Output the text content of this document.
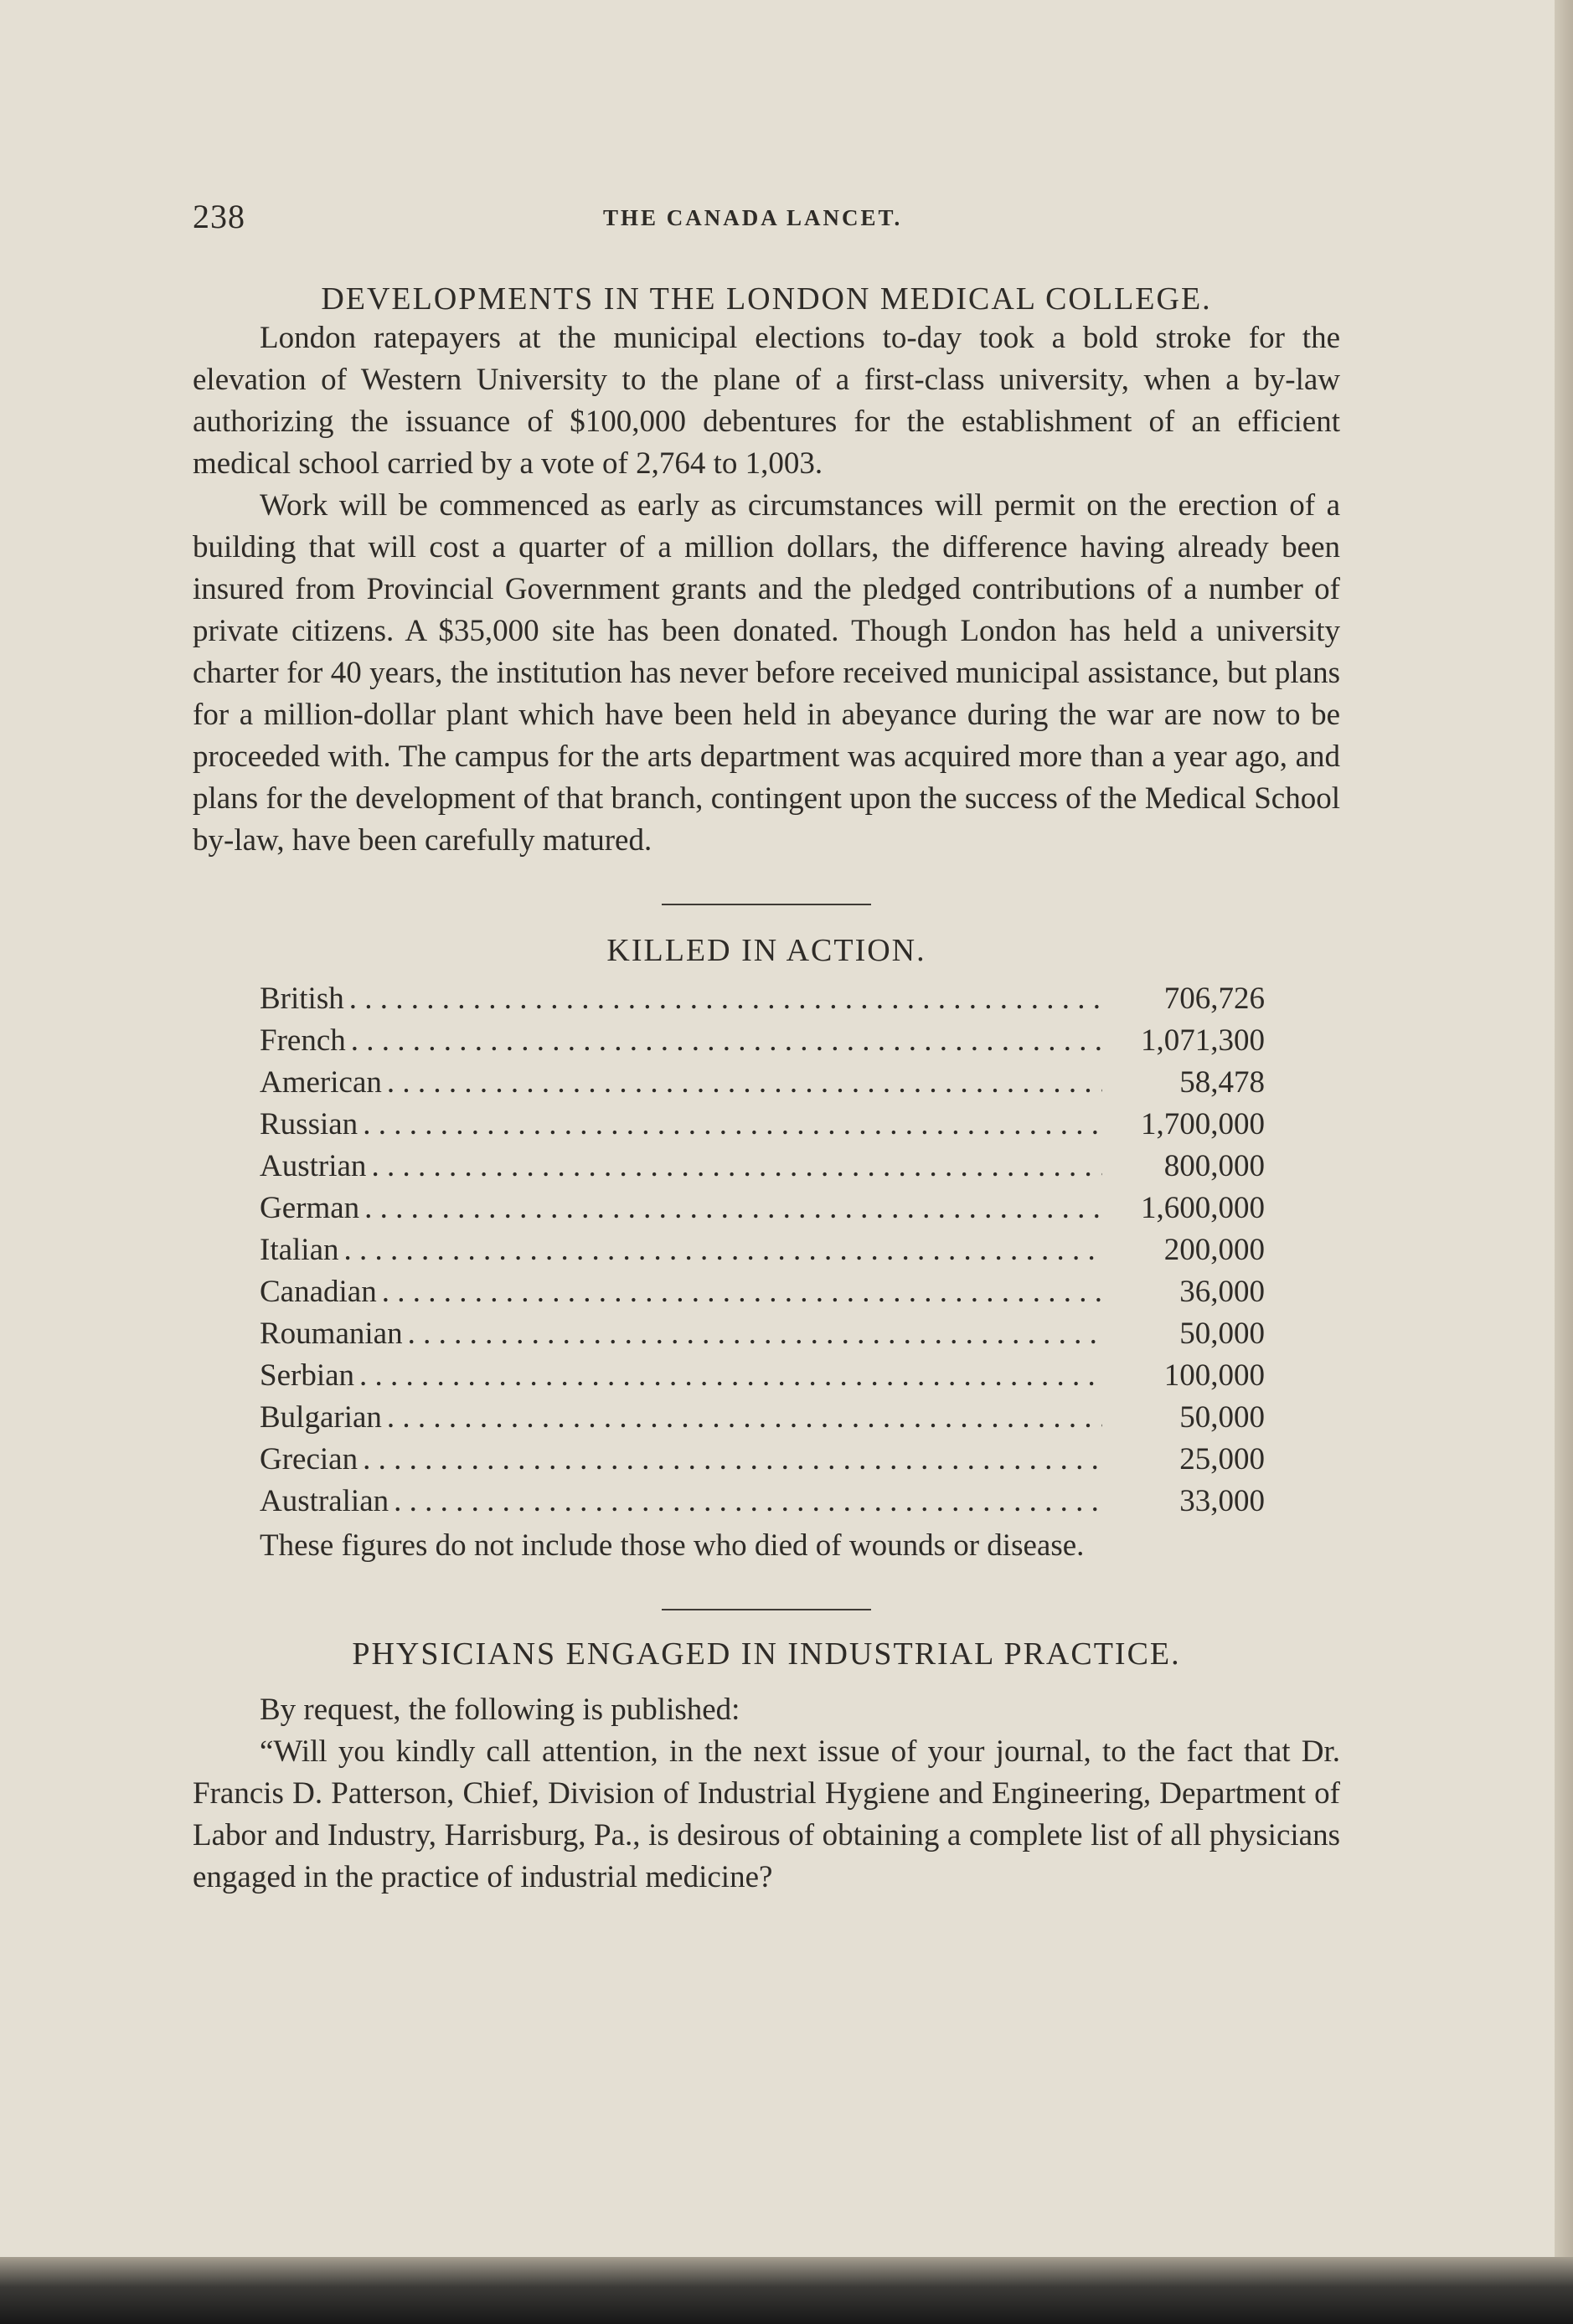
238	THE CANADA LANCET.
DEVELOPMENTS IN THE LONDON MEDICAL COLLEGE.

London ratepayers at the municipal elections to-day took a bold stroke for the elevation of Western University to the plane of a first-class university, when a by-law authorizing the issuance of $100,000 debentures for the establishment of an efficient medical school carried by a vote of 2,764 to 1,003.

Work will be commenced as early as circumstances will permit on the erection of a building that will cost a quarter of a million dollars, the difference having already been insured from Provincial Government grants and the pledged contributions of a number of private citizens. A $35,000 site has been donated. Though London has held a university charter for 40 years, the institution has never before received municipal assistance, but plans for a million-dollar plant which have been held in abeyance during the war are now to be proceeded with. The campus for the arts department was acquired more than a year ago, and plans for the development of that branch, contingent upon the success of the Medical School by-law, have been carefully matured.

KILLED IN ACTION.
British . . .	706,726
French . . .	1,071,300
American . . .	58,478
Russian . . .	1,700,000
Austrian . . .	800,000
German . . .	1,600,000
Italian . . .	200,000
Canadian . . .	36,000
Roumanian . . .	50,000
Serbian . . .	100,000
Bulgarian . . .	50,000
Grecian . . .	25,000
Australian . . .	33,000
These figures do not include those who died of wounds or disease.
PHYSICIANS ENGAGED IN INDUSTRIAL PRACTICE.

By request, the following is published:

“Will you kindly call attention, in the next issue of your journal, to the fact that Dr. Francis D. Patterson, Chief, Division of Industrial Hygiene and Engineering, Department of Labor and Industry, Harrisburg, Pa., is desirous of obtaining a complete list of all physicians engaged in the practice of industrial medicine?
